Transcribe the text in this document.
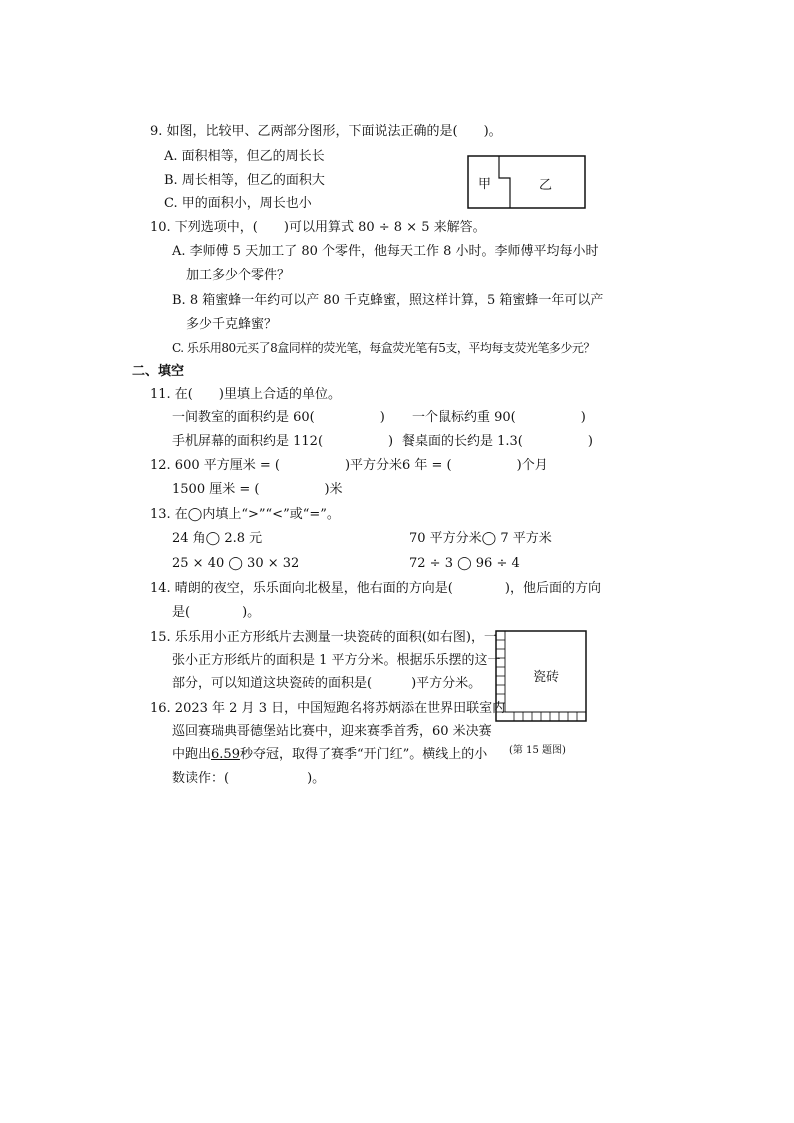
9. 如图，比较甲、乙两部分图形，下面说法正确的是(　　)。
A. 面积相等，但乙的周长长
B. 周长相等，但乙的面积大
C. 甲的面积小，周长也小
甲	乙
10. 下列选项中，(　　)可以用算式 80 ÷ 8 × 5 来解答。
A. 李师傅 5 天加工了 80 个零件，他每天工作 8 小时。李师傅平均每小时
加工多少个零件？
B. 8 箱蜜蜂一年约可以产 80 千克蜂蜜，照这样计算，5 箱蜜蜂一年可以产
多少千克蜂蜜？
C. 乐乐用80元买了8盒同样的荧光笔，每盒荧光笔有5支，平均每支荧光笔多少元？
二、填空
11. 在(　　)里填上合适的单位。
一间教室的面积约是 60(　　　　　) 一个鼠标约重 90(　　　　　)
手机屏幕的面积约是 112(　　　　　) 餐桌面的长约是 1.3(　　　　　)
12. 600 平方厘米 = (　　　　　)平方分米 6 年 = (　　　　　)个月
1500 厘米 = (　　　　　)米
13. 在◯内填上“>”“<”或“=”。
24 角◯ 2.8 元	70 平方分米◯ 7 平方米
25 × 40 ◯ 30 × 32	72 ÷ 3 ◯ 96 ÷ 4
14. 晴朗的夜空，乐乐面向北极星，他右面的方向是(　　　　)，他后面的方向
是(　　　　)。
15. 乐乐用小正方形纸片去测量一块瓷砖的面积(如右图)，一
张小正方形纸片的面积是 1 平方分米。根据乐乐摆的这一
部分，可以知道这块瓷砖的面积是(　　　)平方分米。	瓷砖
(第 15 题图)
16. 2023 年 2 月 3 日，中国短跑名将苏炳添在世界田联室内
巡回赛瑞典哥德堡站比赛中，迎来赛季首秀，60 米决赛
中跑出6.59秒夺冠，取得了赛季“开门红”。横线上的小
数读作：(　　　　　　)。
